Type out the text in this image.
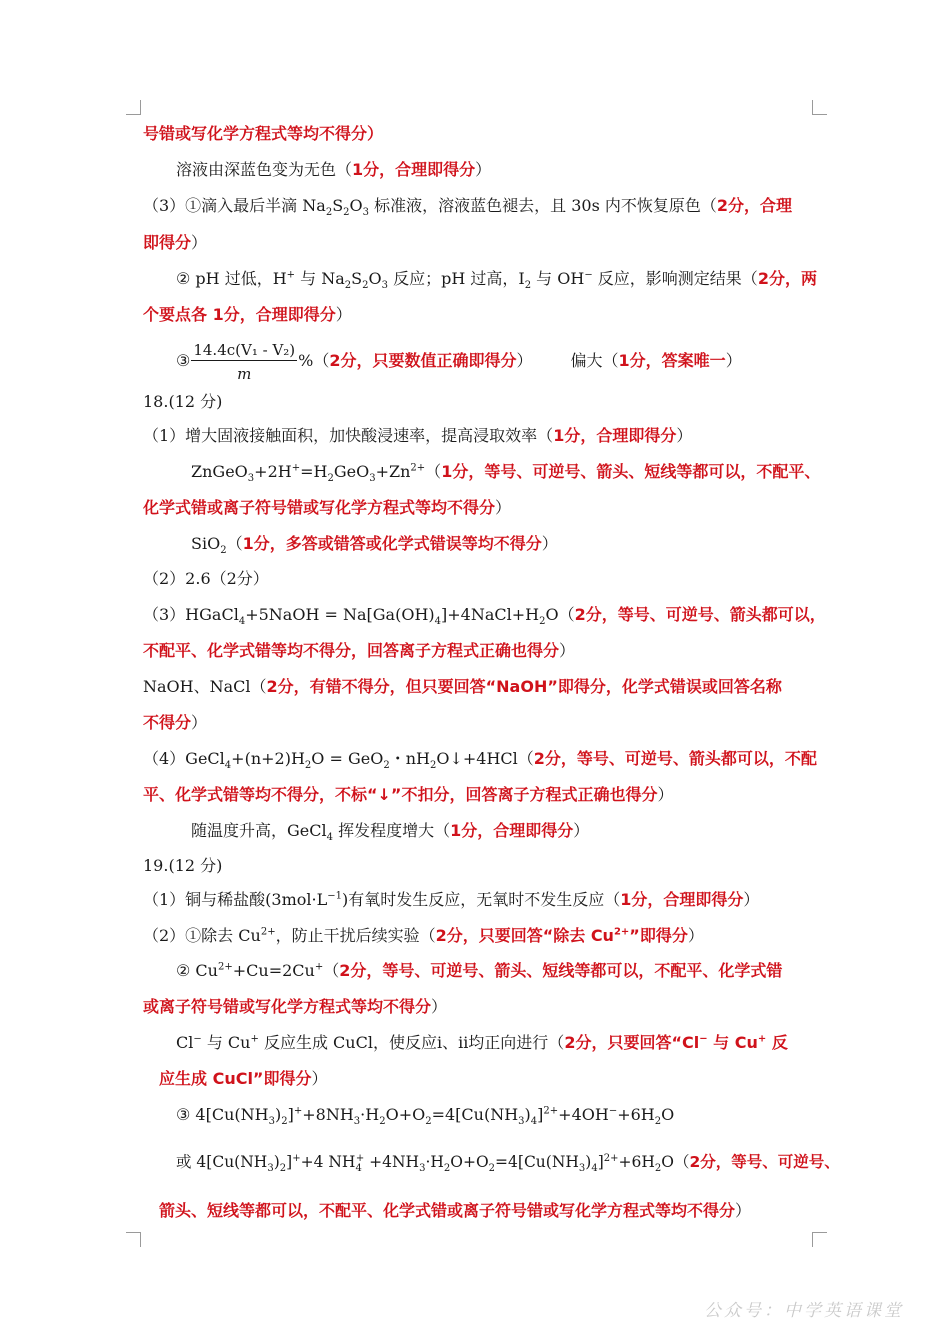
号错或写化学方程式等均不得分）
溶液由深蓝色变为无色（1分，合理即得分）
（3）①滴入最后半滴 $Na_2S_2O_3$ 标准液，溶液蓝色褪去，且 30s 内不恢复原色（2分，合理
即得分）
② pH 过低，H+ 与 $Na_2S_2O_3$ 反应；pH 过高，$I_2$ 与 OH− 反应，影响测定结果（2分，两
个要点各 1分，合理即得分）
③ $\frac{\text{14.4c(V₁ - V₂)}}{m} \%(2$分，只要数值正确即得分） 偏大（1分，答案唯一）
18.(12 分)
（1）增大固液接触面积，加快酸浸速率，提高浸取效率（1分，合理即得分）
$ZnGeO_3+2H^+=H_2GeO_3+Zn^{2+}(1$分，等号、可逆号、箭头、短线等都可以，不配平、
化学式错或离子符号错或写化学方程式等均不得分）
SiO$_2$（1分，多答或错答或化学式错误等均不得分）
（2）2.6（2分）
（3）HGaCl$_4$+5NaOH = $Na[Ga(OH)_4]+4NaCl+H_2O(2$分，等号、可逆号、箭头都可以，
不配平、化学式错等均不得分，回答离子方程式正确也得分）
NaOH、NaCl（2分，有错不得分，但只要回答“NaOH”即得分，化学式错误或回答名称
不得分）
$(4)GeCl_4+(n+2)H_2O = GeO_2$・$nH_2O↓+4HCl(2$分，等号、可逆号、箭头都可以，不配
平、化学式错等均不得分，不标“↓”不扣分，回答离子方程式正确也得分）
随温度升高，GeCl$_4$ 挥发程度增大（1分，合理即得分）
19.(12 分)
（1）铜与稀盐酸$(3mol\cdot L^{-1})$有氧时发生反应，无氧时不发生反应（1分，合理即得分）
（2）①除去 $Cu^{2+}$，防止干扰后续实验（2分，只要回答“除去 $Cu^{2+}$”即得分）
② $Cu^{2+}+Cu=2Cu^+(2$分，等号、可逆号、箭头、短线等都可以，不配平、化学式错
或离子符号错或写化学方程式等均不得分）
Cl− 与 Cu+ 反应生成 CuCl，使反应ⅰ、ⅱ均正向进行（2分，只要回答“Cl− 与 Cu+ 反
应生成 CuCl”即得分）
③ $4[Cu(NH_3)_2]^++8NH_3\cdot H_2O+O_2=4[Cu(NH_3)_4]^{2+}+4OH^-+6H_2O$
或 $4[Cu(NH_3)_2]^++4$ $NH_4^+ +4NH_3\cdot H_2O+O_2=4[Cu(NH_3)_4]^{2+}+6H_2O(2$分，等号、可逆号、
箭头、短线等都可以，不配平、化学式错或离子符号错或写化学方程式等均不得分）
公众号：中学英语课堂
